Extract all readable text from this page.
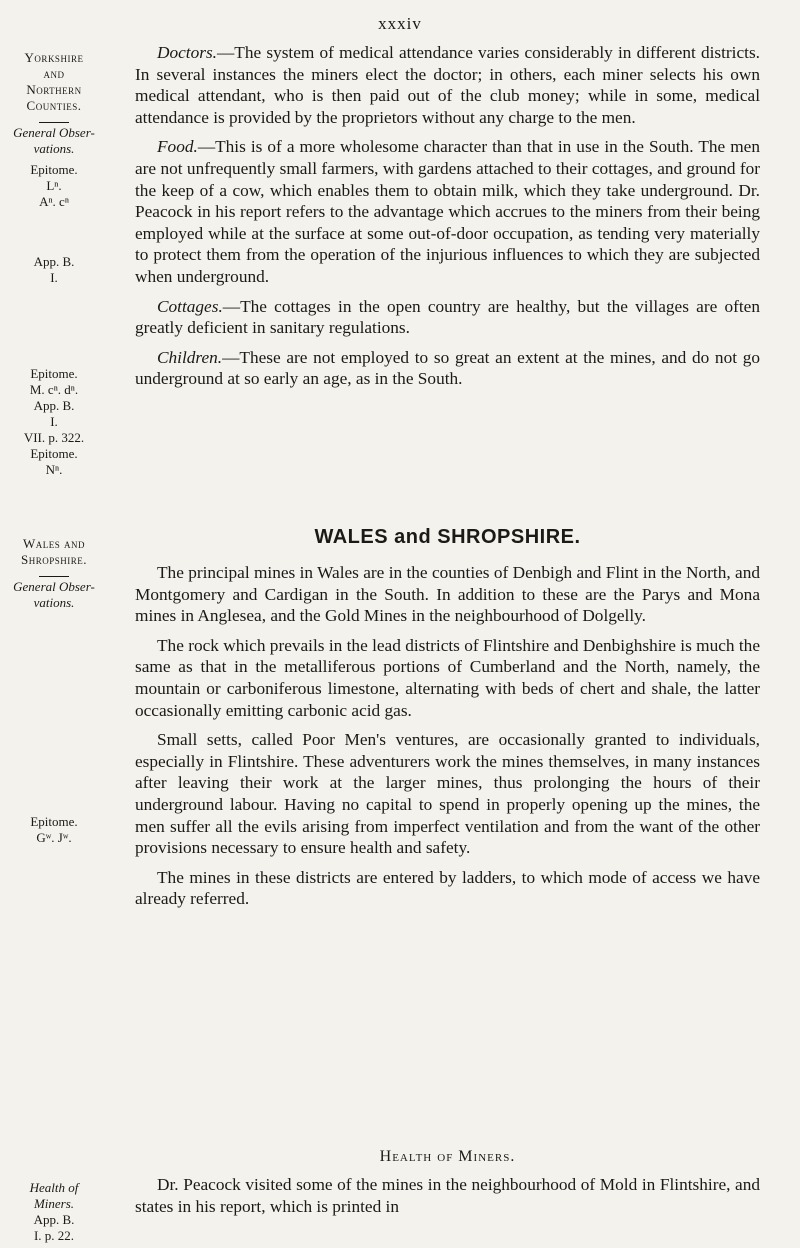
xxxiv
Yorkshire
and
Northern
Counties.
General Obser-
vations.
Epitome.
Lⁿ.
Aⁿ. cⁿ
App. B.
I.
Epitome.
M. cⁿ. dⁿ.
App. B.
I.
VII. p. 322.
Epitome.
Nⁿ.
Wales and
Shropshire.
General Obser-
vations.
Epitome.
Gʷ. Jʷ.
Health of
Miners.
App. B.
I. p. 22.

Doctors.—The system of medical attendance varies considerably in different districts. In several instances the miners elect the doctor; in others, each miner selects his own medical attendant, who is then paid out of the club money; while in some, medical attendance is provided by the proprietors without any charge to the men.

Food.—This is of a more wholesome character than that in use in the South. The men are not unfrequently small farmers, with gardens attached to their cottages, and ground for the keep of a cow, which enables them to obtain milk, which they take underground. Dr. Peacock in his report refers to the advantage which accrues to the miners from their being employed while at the surface at some out-of-door occupation, as tending very materially to protect them from the operation of the injurious influences to which they are subjected when underground.

Cottages.—The cottages in the open country are healthy, but the villages are often greatly deficient in sanitary regulations.

Children.—These are not employed to so great an extent at the mines, and do not go underground at so early an age, as in the South.

WALES and SHROPSHIRE.

The principal mines in Wales are in the counties of Denbigh and Flint in the North, and Montgomery and Cardigan in the South. In addition to these are the Parys and Mona mines in Anglesea, and the Gold Mines in the neighbourhood of Dolgelly.

The rock which prevails in the lead districts of Flintshire and Denbighshire is much the same as that in the metalliferous portions of Cumberland and the North, namely, the mountain or carboniferous limestone, alternating with beds of chert and shale, the latter occasionally emitting carbonic acid gas.

Small setts, called Poor Men's ventures, are occasionally granted to individuals, especially in Flintshire. These adventurers work the mines themselves, in many instances after leaving their work at the larger mines, thus prolonging the hours of their underground labour. Having no capital to spend in properly opening up the mines, the men suffer all the evils arising from imperfect ventilation and from the want of the other provisions necessary to ensure health and safety.

The mines in these districts are entered by ladders, to which mode of access we have already referred.

Health of Miners.

Dr. Peacock visited some of the mines in the neighbourhood of Mold in Flintshire, and states in his report, which is printed in
